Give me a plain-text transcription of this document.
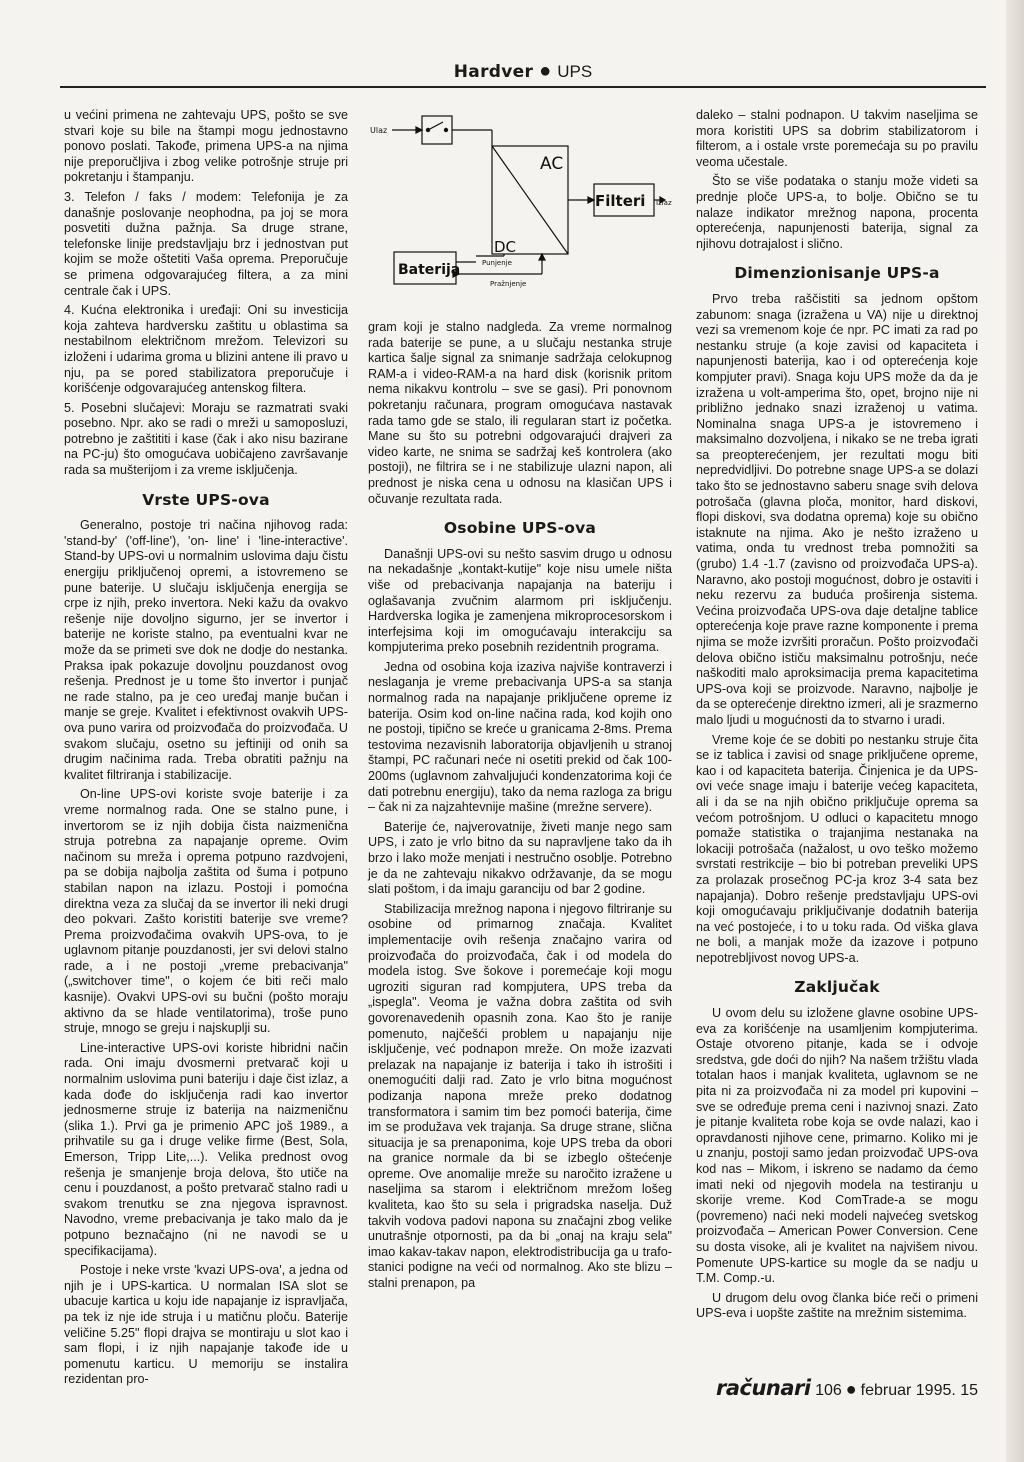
Hardver ● UPS

u većini primena ne zahtevaju UPS, pošto se sve stvari koje su bile na štampi mogu jednostavno ponovo poslati. Takođe, primena UPS-a na njima nije preporučljiva i zbog velike potrošnje struje pri pokretanju i štampanju.

3. Telefon / faks / modem: Telefonija je za današnje poslovanje neophodna, pa joj se mora posvetiti dužna pažnja. Sa druge strane, telefonske linije predstavljaju brz i jednostvan put kojim se može oštetiti Vaša oprema. Preporučuje se primena odgovarajućeg filtera, a za mini centrale čak i UPS.

4. Kućna elektronika i uređaji: Oni su investicija koja zahteva hardversku zaštitu u oblastima sa nestabilnom električnom mrežom. Televizori su izloženi i udarima groma u blizini antene ili pravo u nju, pa se pored stabilizatora preporučuje i korišćenje odgovarajućeg antenskog filtera.

5. Posebni slučajevi: Moraju se razmatrati svaki posebno. Npr. ako se radi o mreži u samoposluzi, potrebno je zaštititi i kase (čak i ako nisu bazirane na PC-ju) što omogućava uobičajeno završavanje rada sa mušterijom i za vreme isključenja.

Vrste UPS-ova

Generalno, postoje tri načina njihovog rada: 'stand-by' ('off-line'), 'on- line' i 'line-interactive'. Stand-by UPS-ovi u normalnim uslovima daju čistu energiju priključenoj opremi, a istovremeno se pune baterije. U slučaju isključenja energija se crpe iz njih, preko invertora. Neki kažu da ovakvo rešenje nije dovoljno sigurno, jer se invertor i baterije ne koriste stalno, pa eventualni kvar ne može da se primeti sve dok ne dodje do nestanka. Praksa ipak pokazuje dovoljnu pouzdanost ovog rešenja. Prednost je u tome što invertor i punjač ne rade stalno, pa je ceo uređaj manje bučan i manje se greje. Kvalitet i efektivnost ovakvih UPS-ova puno varira od proizvođača do proizvođača. U svakom slučaju, osetno su jeftiniji od onih sa drugim načinima rada. Treba obratiti pažnju na kvalitet filtriranja i stabilizacije.

On-line UPS-ovi koriste svoje baterije i za vreme normalnog rada. One se stalno pune, i invertorom se iz njih dobija čista naizmenična struja potrebna za napajanje opreme. Ovim načinom su mreža i oprema potpuno razdvojeni, pa se dobija najbolja zaštita od šuma i potpuno stabilan napon na izlazu. Postoji i pomoćna direktna veza za slučaj da se invertor ili neki drugi deo pokvari. Zašto koristiti baterije sve vreme? Prema proizvođačima ovakvih UPS-ova, to je uglavnom pitanje pouzdanosti, jer svi delovi stalno rade, a i ne postoji „vreme prebacivanja" („switchover time", o kojem će biti reči malo kasnije). Ovakvi UPS-ovi su bučni (pošto moraju aktivno da se hlade ventilatorima), troše puno struje, mnogo se greju i najskuplji su.

Line-interactive UPS-ovi koriste hibridni način rada. Oni imaju dvosmerni pretvarač koji u normalnim uslovima puni bateriju i daje čist izlaz, a kada dođe do isključenja radi kao invertor jednosmerne struje iz baterija na naizmeničnu (slika 1.). Prvi ga je primenio APC još 1989., a prihvatile su ga i druge velike firme (Best, Sola, Emerson, Tripp Lite,...). Velika prednost ovog rešenja je smanjenje broja delova, što utiče na cenu i pouzdanost, a pošto pretvarač stalno radi u svakom trenutku se zna njegova ispravnost. Navodno, vreme prebacivanja je tako malo da je potpuno beznačajno (ni ne navodi se u specifikacijama).

Postoje i neke vrste 'kvazi UPS-ova', a jedna od njih je i UPS-kartica. U normalan ISA slot se ubacuje kartica u koju ide napajanje iz ispravljača, pa tek iz nje ide struja i u matičnu ploču. Baterije veličine 5.25" flopi drajva se montiraju u slot kao i sam flopi, i iz njih napajanje takođe ide u pomenutu karticu. U memoriju se instalira rezidentan pro-

Ulaz
AC
Filteri Izlaz
DC
Baterija	Punjenje
Pražnjenje

gram koji je stalno nadgleda. Za vreme normalnog rada baterije se pune, a u slučaju nestanka struje kartica šalje signal za snimanje sadržaja celokupnog RAM-a i video-RAM-a na hard disk (korisnik pritom nema nikakvu kontrolu – sve se gasi). Pri ponovnom pokretanju računara, program omogućava nastavak rada tamo gde se stalo, ili regularan start iz početka. Mane su što su potrebni odgovarajući drajveri za video karte, ne snima se sadržaj keš kontrolera (ako postoji), ne filtrira se i ne stabilizuje ulazni napon, ali prednost je niska cena u odnosu na klasičan UPS i očuvanje rezultata rada.

Osobine UPS-ova

Današnji UPS-ovi su nešto sasvim drugo u odnosu na nekadašnje „kontakt-kutije" koje nisu umele ništa više od prebacivanja napajanja na bateriju i oglašavanja zvučnim alarmom pri isključenju. Hardverska logika je zamenjena mikroprocesorskom i interfejsima koji im omogućavaju interakciju sa kompjuterima preko posebnih rezidentnih programa.

Jedna od osobina koja izaziva najviše kontraverzi i neslaganja je vreme prebacivanja UPS-a sa stanja normalnog rada na napajanje priključene opreme iz baterija. Osim kod on-line načina rada, kod kojih ono ne postoji, tipično se kreće u granicama 2-8ms. Prema testovima nezavisnih laboratorija objavljenih u stranoj štampi, PC računari neće ni osetiti prekid od čak 100-200ms (uglavnom zahvaljujući kondenzatorima koji će dati potrebnu energiju), tako da nema razloga za brigu – čak ni za najzahtevnije mašine (mrežne servere).

Baterije će, najverovatnije, živeti manje nego sam UPS, i zato je vrlo bitno da su napravljene tako da ih brzo i lako može menjati i nestručno osoblje. Potrebno je da ne zahtevaju nikakvo održavanje, da se mogu slati poštom, i da imaju garanciju od bar 2 godine.

Stabilizacija mrežnog napona i njegovo filtriranje su osobine od primarnog značaja. Kvalitet implementacije ovih rešenja značajno varira od proizvođača do proizvođača, čak i od modela do modela istog. Sve šokove i poremećaje koji mogu ugroziti siguran rad kompjutera, UPS treba da „ispegla". Veoma je važna dobra zaštita od svih govorenavedenih opasnih zona. Kao što je ranije pomenuto, najčešći problem u napajanju nije isključenje, već podnapon mreže. On može izazvati prelazak na napajanje iz baterija i tako ih istrošiti i onemogućiti dalji rad. Zato je vrlo bitna mogućnost podizanja napona mreže preko dodatnog transformatora i samim tim bez pomoći baterija, čime im se produžava vek trajanja. Sa druge strane, slična situacija je sa prenaponima, koje UPS treba da obori na granice normale da bi se izbeglo oštećenje opreme. Ove anomalije mreže su naročito izražene u naseljima sa starom i električnom mrežom lošeg kvaliteta, kao što su sela i prigradska naselja. Duž takvih vodova padovi napona su značajni zbog velike unutrašnje otpornosti, pa da bi „onaj na kraju sela" imao kakav-takav napon, elektrodistribucija ga u trafo-stanici podigne na veći od normalnog. Ako ste blizu – stalni prenapon, pa

daleko – stalni podnapon. U takvim naseljima se mora koristiti UPS sa dobrim stabilizatorom i filterom, a i ostale vrste poremećaja su po pravilu veoma učestale.

Što se više podataka o stanju može videti sa prednje ploče UPS-a, to bolje. Obično se tu nalaze indikator mrežnog napona, procenta opterećenja, napunjenosti baterija, signal za njihovu dotrajalost i slično.

Dimenzionisanje UPS-a

Prvo treba raščistiti sa jednom opštom zabunom: snaga (izražena u VA) nije u direktnoj vezi sa vremenom koje će npr. PC imati za rad po nestanku struje (a koje zavisi od kapaciteta i napunjenosti baterija, kao i od opterećenja koje kompjuter pravi). Snaga koju UPS može da da je izražena u volt-amperima što, opet, brojno nije ni približno jednako snazi izraženoj u vatima. Nominalna snaga UPS-a je istovremeno i maksimalno dozvoljena, i nikako se ne treba igrati sa preopterećenjem, jer rezultati mogu biti nepredvidljivi. Do potrebne snage UPS-a se dolazi tako što se jednostavno saberu snage svih delova potrošača (glavna ploča, monitor, hard diskovi, flopi diskovi, sva dodatna oprema) koje su obično istaknute na njima. Ako je nešto izraženo u vatima, onda tu vrednost treba pomnožiti sa (grubo) 1.4 -1.7 (zavisno od proizvođača UPS-a). Naravno, ako postoji mogućnost, dobro je ostaviti i neku rezervu za buduća proširenja sistema. Većina proizvođača UPS-ova daje detaljne tablice opterećenja koje prave razne komponente i prema njima se može izvršiti proračun. Pošto proizvođači delova obično ističu maksimalnu potrošnju, neće naškoditi malo aproksimacija prema kapacitetima UPS-ova koji se proizvode. Naravno, najbolje je da se opterećenje direktno izmeri, ali je srazmerno malo ljudi u mogućnosti da to stvarno i uradi.

Vreme koje će se dobiti po nestanku struje čita se iz tablica i zavisi od snage priključene opreme, kao i od kapaciteta baterija. Činjenica je da UPS-ovi veće snage imaju i baterije većeg kapaciteta, ali i da se na njih obično priključuje oprema sa većom potrošnjom. U odluci o kapacitetu mnogo pomaže statistika o trajanjima nestanaka na lokaciji potrošača (nažalost, u ovo teško možemo svrstati restrikcije – bio bi potreban preveliki UPS za prolazak prosečnog PC-ja kroz 3-4 sata bez napajanja). Dobro rešenje predstavljaju UPS-ovi koji omogućavaju priključivanje dodatnih baterija na već postojeće, i to u toku rada. Od viška glava ne boli, a manjak može da izazove i potpuno nepotrebljivost novog UPS-a.

Zaključak

U ovom delu su izložene glavne osobine UPS-eva za korišćenje na usamljenim kompjuterima. Ostaje otvoreno pitanje, kada se i odvoje sredstva, gde doći do njih? Na našem tržištu vlada totalan haos i manjak kvaliteta, uglavnom se ne pita ni za proizvođača ni za model pri kupovini – sve se određuje prema ceni i nazivnoj snazi. Zato je pitanje kvaliteta robe koja se ovde nalazi, kao i opravdanosti njihove cene, primarno. Koliko mi je u znanju, postoji samo jedan proizvođač UPS-ova kod nas – Mikom, i iskreno se nadamo da ćemo imati neki od njegovih modela na testiranju u skorije vreme. Kod ComTrade-a se mogu (povremeno) naći neki modeli najvećeg svetskog proizvođača – American Power Conversion. Cene su dosta visoke, ali je kvalitet na najvišem nivou. Pomenute UPS-kartice su mogle da se nadju u T.M. Comp.-u.

U drugom delu ovog članka biće reči o primeni UPS-eva i uopšte zaštite na mrežnim sistemima.

računari 106 ● februar 1995. 15
